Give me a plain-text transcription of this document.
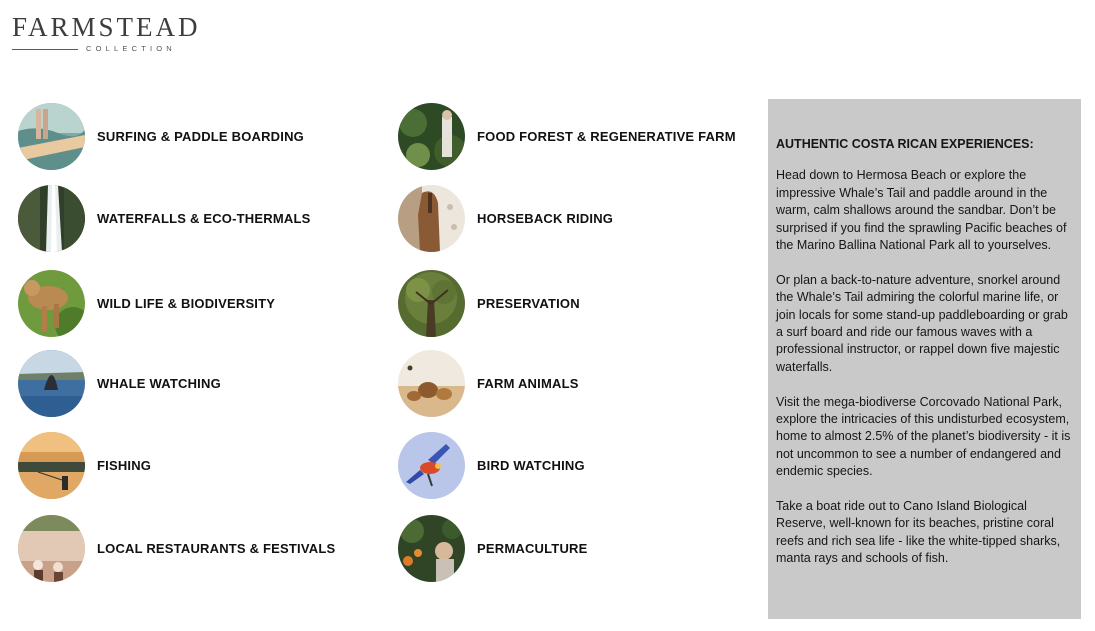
FARMSTEAD
COLLECTION
SURFING & PADDLE BOARDING
WATERFALLS & ECO-THERMALS
WILD LIFE & BIODIVERSITY
WHALE WATCHING
FISHING
LOCAL RESTAURANTS & FESTIVALS
FOOD FOREST & REGENERATIVE FARM
HORSEBACK RIDING
PRESERVATION
FARM ANIMALS
BIRD WATCHING
PERMACULTURE
AUTHENTIC COSTA RICAN EXPERIENCES:

Head down to Hermosa Beach or explore the impressive Whale’s Tail and paddle around in the warm, calm shallows around the sandbar. Don’t be surprised if you find the sprawling Pacific beaches of the Marino Ballina National Park all to yourselves.

Or plan a back-to-nature adventure, snorkel around the Whale’s Tail admiring the colorful marine life, or join locals for some stand-up paddleboarding or grab a surf board and ride our famous waves with a professional instructor, or rappel down five majestic waterfalls.

Visit the mega-biodiverse Corcovado National Park, explore the intricacies of this undisturbed ecosystem, home to almost 2.5% of the planet’s biodiversity - it is not uncommon to see a number of endangered and endemic species.

Take a boat ride out to Cano Island Biological Reserve, well-known for its beaches, pristine coral reefs and rich sea life - like the white-tipped sharks, manta rays and schools of fish.
